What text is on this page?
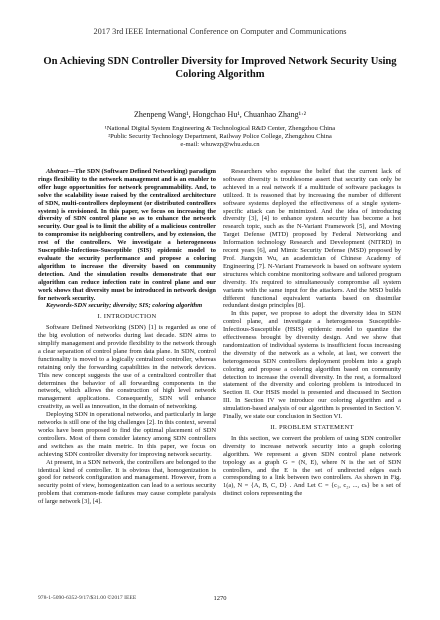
2017 3rd IEEE International Conference on Computer and Communications
On Achieving SDN Controller Diversity for Improved Network Security Using Coloring Algorithm
Zhenpeng Wang¹, Hongchao Hu¹, Chuanhao Zhang¹·²
¹National Digital System Engineering & Technological R&D Center, Zhengzhou China
²Public Security Technology Department, Railway Police College, Zhengzhou China
e-mail: whuwzp@whu.edu.cn

Abstract—The SDN (Software Defined Networking) paradigm rings flexibility to the network management and is an enabler to offer huge opportunities for network programmability. And, to solve the scalability issue raised by the centralized architecture of SDN, multi-controllers deployment (or distributed controllers system) is envisioned. In this paper, we focus on increasing the diversity of SDN control plane so as to enhance the network security. Our goal is to limit the ability of a malicious controller to compromise its neighboring controllers, and by extension, the rest of the controllers. We investigate a heterogeneous Susceptible-Infectious-Susceptible (SIS) epidemic model to evaluate the security performance and propose a coloring algorithm to increase the diversity based on community detection. And the simulation results demonstrate that our algorithm can reduce infection rate in control plane and our work shows that diversity must be introduced in network design for network security.

Keywords-SDN security; diversity; SIS; coloring algorithm

I. INTRODUCTION

Software Defined Networking (SDN) [1] is regarded as one of the big evolution of networks during last decade. SDN aims to simplify management and provide flexibility to the network through a clear separation of control plane from data plane. In SDN, control functionality is moved to a logically centralized controller, whereas retaining only the forwarding capabilities in the network devices. This new concept suggests the use of a centralized controller that determines the behavior of all forwarding components in the network, which allows the construction of high level network management applications. Consequently, SDN will enhance creativity, as well as innovation, in the domain of networking.

Deploying SDN in operational networks, and particularly in large networks is still one of the big challenges [2]. In this context, several works have been proposed to find the optimal placement of SDN controllers. Most of them consider latency among SDN controllers and switches as the main metric. In this paper, we focus on achieving SDN controller diversity for improving network security.

At present, in a SDN network, the controllers are belonged to the identical kind of controller. It is obvious that, homogenization is good for network configuration and management. However, from a security point of view, homogenization can lead to a serious security problem that common-mode failures may cause complete paralysis of large network [3], [4].

Researchers who espouse the belief that the current lack of software diversity is troublesome assert that security can only be achieved in a real network if a multitude of software packages is utilized. It is reasoned that by increasing the number of different software systems deployed the effectiveness of a single system-specific attack can be minimized. And the idea of introducing diversity [3], [4] to enhance system security has become a hot research topic, such as the N-Variant Framework [5], and Moving Target Defense (MTD) proposed by Federal Networking and Information technology Research and Development (NITRD) in recent years [6], and Mimic Security Defense (MSD) proposed by Prof. Jiangxin Wu, an academician of Chinese Academy of Engineering [7]. N-Variant Framework is based on software system structures which combine monitoring software and tailored program diversity. It's required to simultaneously compromise all system variants with the same input for the attackers. And the MSD builds different functional equivalent variants based on dissimilar redundant design principles [8].

In this paper, we propose to adopt the diversity idea in SDN control plane, and investigate a heterogeneous Susceptible-Infectious-Susceptible (HSIS) epidemic model to quantize the effectiveness brought by diversity design. And we show that randomization of individual systems is insufficient focus increasing the diversity of the network as a whole, at last, we convert the heterogeneous SDN controllers deployment problem into a graph coloring and propose a coloring algorithm based on community detection to increase the overall diversity. In the rest, a formalized statement of the diversity and coloring problem is introduced in Section II. Our HSIS model is presented and discussed in Section III. In Section IV we introduce our coloring algorithm and a simulation-based analysis of our algorithm is presented in Section V. Finally, we state our conclusion in Section VI.

II. PROBLEM STATEMENT

In this section, we convert the problem of using SDN controller diversity to increase network security into a graph coloring algorithm. We represent a given SDN control plane network topology as a graph G = (N, E), where N is the set of SDN controllers, and the E is the set of undirected edges each corresponding to a link between two controllers. As shown in Fig. 1(a), N = {A, B, C, D} . And Let C = {c₁, c₂, ..., cₖ} be s set of distinct colors representing the

978-1-5090-6352-9/17/$31.00 ©2017 IEEE	1270
